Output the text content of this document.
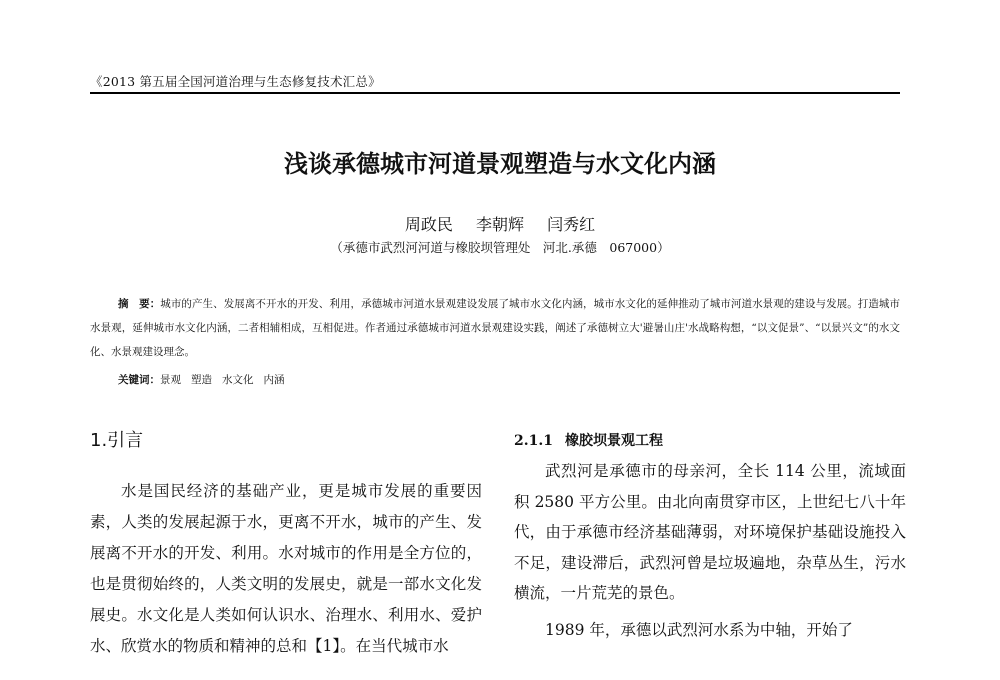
《2013 第五届全国河道治理与生态修复技术汇总》
浅谈承德城市河道景观塑造与水文化内涵
周政民 李朝辉 闫秀红
（承德市武烈河河道与橡胶坝管理处　河北.承德　067000）
摘　要：城市的产生、发展离不开水的开发、利用，承德城市河道水景观建设发展了城市水文化内涵，城市水文化的延伸推动了城市河道水景观的建设与发展。打造城市水景观，延伸城市水文化内涵，二者相辅相成，互相促进。作者通过承德城市河道水景观建设实践，阐述了承德树立大'避暑山庄'水战略构想，“以文促景”、“以景兴文”的水文化、水景观建设理念。
关键词：景观 塑造 水文化 内涵
1.引言

水是国民经济的基础产业，更是城市发展的重要因素，人类的发展起源于水，更离不开水，城市的产生、发展离不开水的开发、利用。水对城市的作用是全方位的，也是贯彻始终的，人类文明的发展史，就是一部水文化发展史。水文化是人类如何认识水、治理水、利用水、爱护水、欣赏水的物质和精神的总和【1】。在当代城市水

2.1.1 橡胶坝景观工程

武烈河是承德市的母亲河，全长 114 公里，流域面积 2580 平方公里。由北向南贯穿市区，上世纪七八十年代，由于承德市经济基础薄弱，对环境保护基础设施投入不足，建设滞后，武烈河曾是垃圾遍地，杂草丛生，污水横流，一片荒芜的景色。

1989 年，承德以武烈河水系为中轴，开始了
